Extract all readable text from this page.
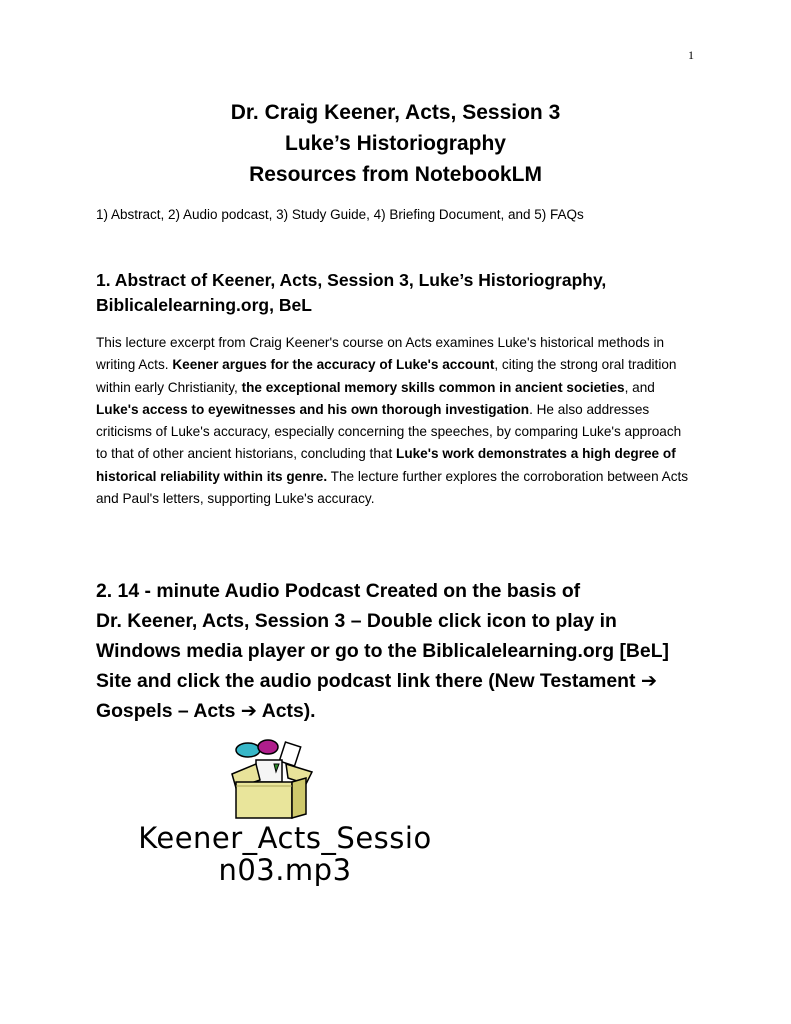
1
Dr. Craig Keener, Acts, Session 3
Luke’s Historiography
Resources from NotebookLM
1) Abstract, 2) Audio podcast, 3) Study Guide, 4) Briefing Document, and 5) FAQs
1. Abstract of Keener, Acts, Session 3, Luke’s Historiography,
Biblicalelearning.org, BeL
This lecture excerpt from Craig Keener's course on Acts examines Luke's historical methods in writing Acts. Keener argues for the accuracy of Luke's account, citing the strong oral tradition within early Christianity, the exceptional memory skills common in ancient societies, and Luke's access to eyewitnesses and his own thorough investigation. He also addresses criticisms of Luke's accuracy, especially concerning the speeches, by comparing Luke's approach to that of other ancient historians, concluding that Luke's work demonstrates a high degree of historical reliability within its genre. The lecture further explores the corroboration between Acts and Paul's letters, supporting Luke's accuracy.
2. 14 - minute Audio Podcast Created on the basis of
Dr. Keener, Acts, Session 3 – Double click icon to play in
Windows media player or go to the Biblicalelearning.org [BeL]
Site and click the audio podcast link there (New Testament ➔
Gospels – Acts ➔ Acts).
Keener_Acts_Sessio
n03.mp3
